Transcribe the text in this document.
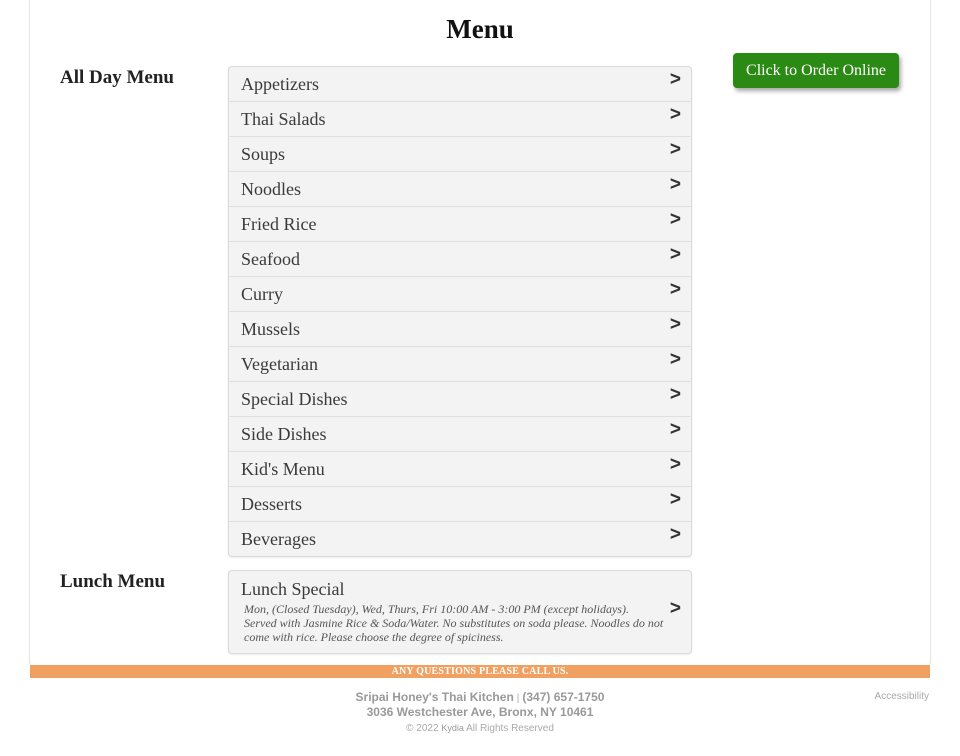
Menu
Click to Order Online
All Day Menu	Appetizers	>
Thai Salads	>
Soups	>
Noodles	>
Fried Rice	>
Seafood	>
Curry	>
Mussels	>
Vegetarian	>
Special Dishes	>
Side Dishes	>
Kid's Menu	>
Desserts	>
Beverages	>
Lunch Menu	Lunch Special
Mon, (Closed Tuesday), Wed, Thurs, Fri 10:00 AM - 3:00 PM (except holidays). Served with Jasmine Rice & Soda/Water. No substitutes on soda please. Noodles do not come with rice. Please choose the degree of spiciness.
>
ANY QUESTIONS PLEASE CALL US.
Sripai Honey's Thai Kitchen | (347) 657-1750
3036 Westchester Ave, Bronx, NY 10461
© 2022 Kydia All Rights Reserved
Accessibility
